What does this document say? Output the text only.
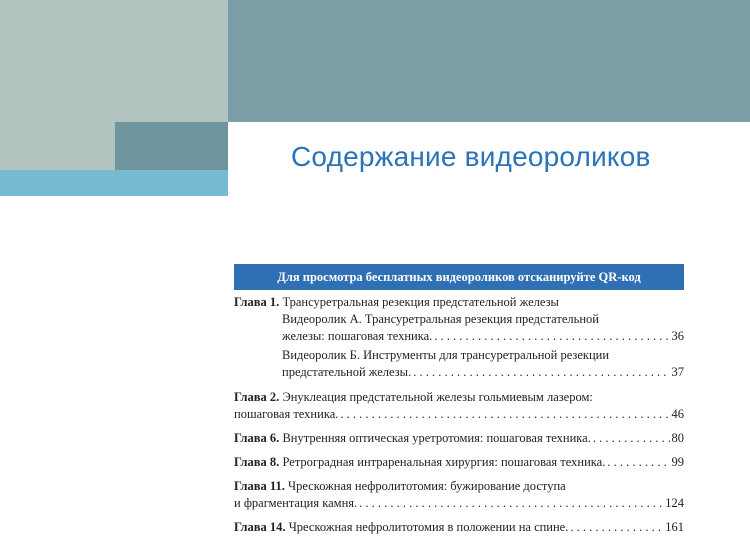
Содержание видеороликов
Для просмотра бесплатных видеороликов отсканируйте QR-код
Глава 1. Трансуретральная резекция предстательной железы
Видеоролик А. Трансуретральная резекция предстательной
железы: пошаговая техника. . . .	36
Видеоролик Б. Инструменты для трансуретральной резекции
предстательной железы. . . .	37
Глава 2. Энуклеация предстательной железы гольмиевым лазером:
пошаговая техника. . . .	46
Глава 6. Внутренняя оптическая уретротомия: пошаговая техника. . . .	80
Глава 8. Ретроградная интраренальная хирургия: пошаговая техника. . . .	99
Глава 11. Чрескожная нефролитотомия: бужирование доступа
и фрагментация камня. . . .	124
Глава 14. Чрескожная нефролитотомия в положении на спине. . . .	161
